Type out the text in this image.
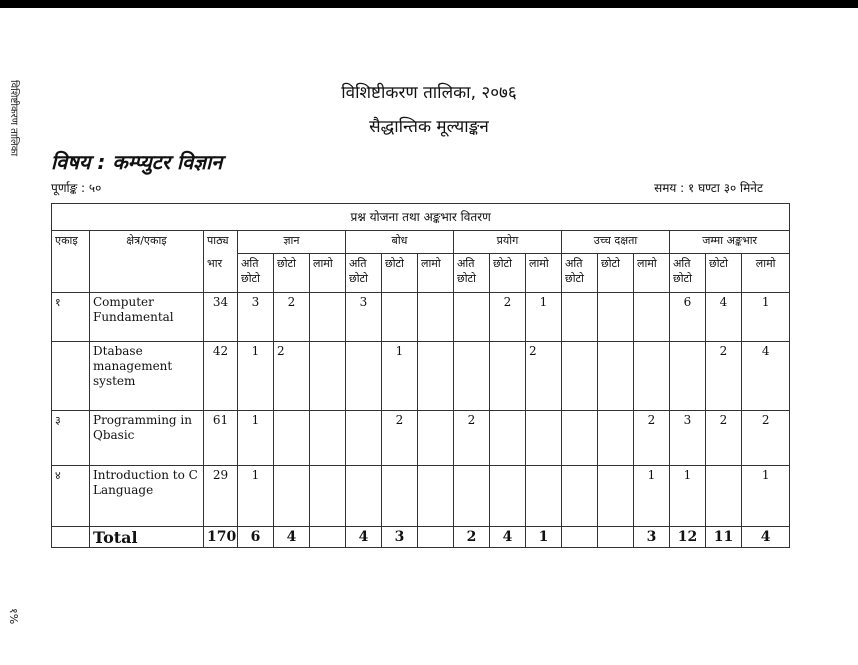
विशिष्टीकरण तालिका
१%
विशिष्टीकरण तालिका, २०७६
सैद्धान्तिक मूल्याङ्कन
विषय : कम्प्युटर विज्ञान
पूर्णाङ्क : ५०	समय : १ घण्टा ३० मिनेट
प्रश्न योजना तथा अङ्कभार वितरण																	
एकाइ	क्षेत्र/एकाइ	पाठ्य	ज्ञान			बोध			प्रयोग			उच्च दक्षता			जम्मा अङ्कभार		
		भार	अति छोटो	छोटो	लामो	अति छोटो	छोटो	लामो	अति छोटो	छोटो	लामो	अति छोटो	छोटो	लामो	अति छोटो	छोटो	लामो
१	Computer Fundamental	34	3	2		3				2	1				6	4	1
	Dtabase management system	42	1	2			1				2					2	4
३	Programming in Qbasic	61	1				2		2					2	3	2	2
४	Introduction to C Language	29	1											1	1		1
	Total	170	6	4		4	3		2	4	1			3	12	11	4
